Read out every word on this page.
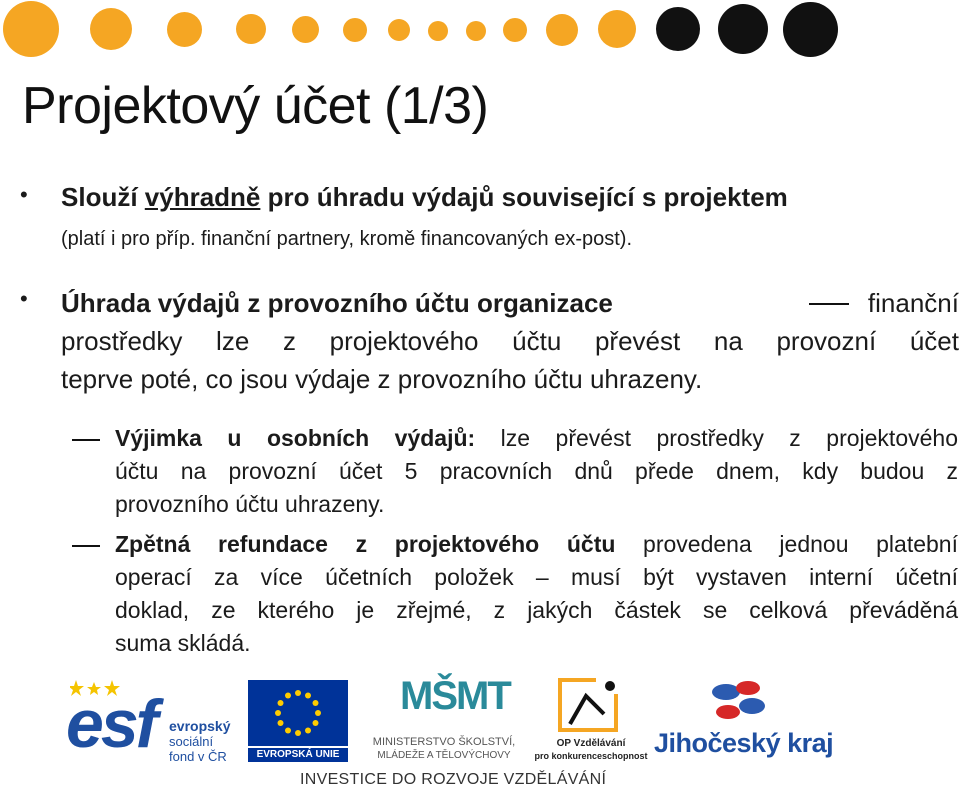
Projektový účet (1/3)
• Slouží výhradně pro úhradu výdajů související s projektem
(platí i pro příp. finanční partnery, kromě financovaných ex-post).
• Úhrada výdajů z provozního účtu organizace	finanční
prostředky lze z projektového účtu převést na provozní účet
teprve poté, co jsou výdaje z provozního účtu uhrazeny.
Výjimka u osobních výdajů: lze převést prostředky z projektového
účtu na provozní účet 5 pracovních dnů přede dnem, kdy budou z
provozního účtu uhrazeny.
Zpětná refundace z projektového účtu provedena jednou platební
operací za více účetních položek – musí být vystaven interní účetní
doklad, ze kterého je zřejmé, z jakých částek se celková převáděná
suma skládá.
esf evropský
sociální
fond v ČR	EVROPSKÁ UNIE
MŠMT
MINISTERSTVO ŠKOLSTVÍ,
MLÁDEŽE A TĚLOVÝCHOVY
OP Vzdělávání
pro konkurenceschopnost Jihočeský kraj
INVESTICE DO ROZVOJE VZDĚLÁVÁNÍ
